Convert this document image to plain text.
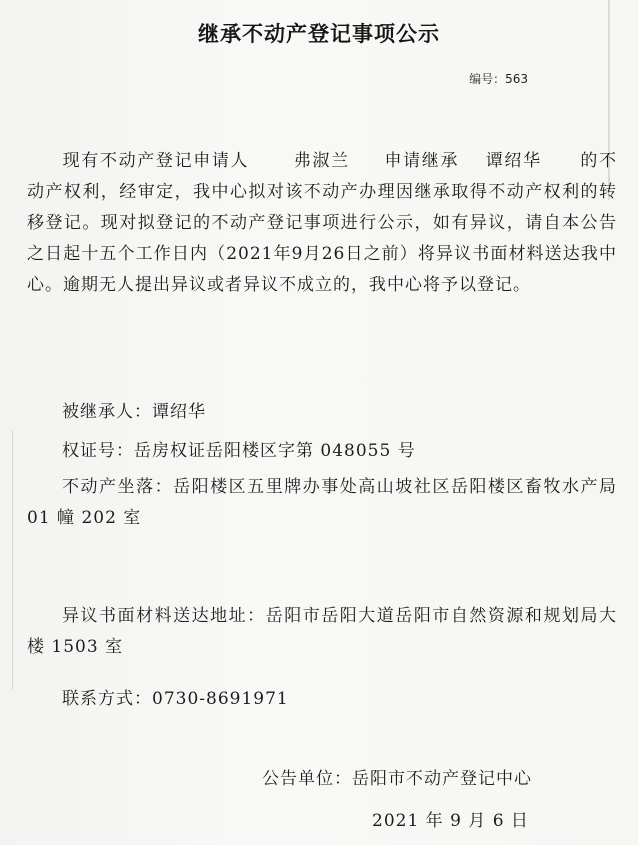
继承不动产登记事项公示
编号：563
现有不动产登记申请人	弗淑兰 申请继承 谭绍华 的不动产权利，经审定，我中心拟对该不动产办理因继承取得不动产权利的转移登记。现对拟登记的不动产登记事项进行公示，如有异议，请自本公告之日起十五个工作日内（2021年9月26日之前）将异议书面材料送达我中心。逾期无人提出异议或者异议不成立的，我中心将予以登记。
被继承人：谭绍华
权证号：岳房权证岳阳楼区字第 048055 号
不动产坐落：岳阳楼区五里牌办事处高山坡社区岳阳楼区畜牧水产局 01 幢 202 室
异议书面材料送达地址：岳阳市岳阳大道岳阳市自然资源和规划局大楼 1503 室
联系方式：0730-8691971
公告单位：岳阳市不动产登记中心
2021 年 9 月 6 日
